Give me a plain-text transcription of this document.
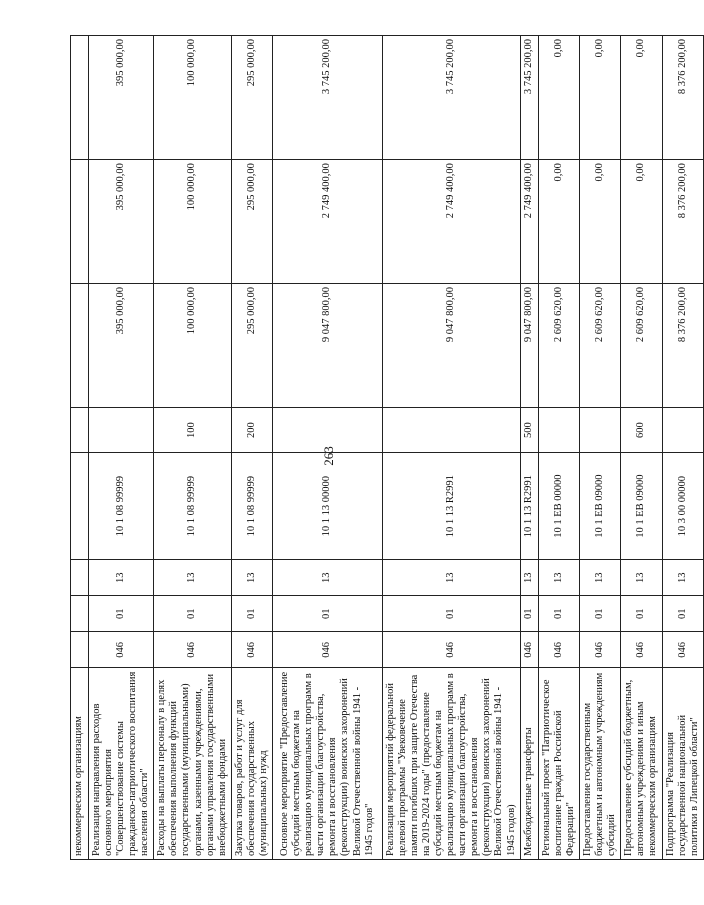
263
некоммерческим организациям								
Реализация направления расходов основного мероприятия "Совершенствование системы гражданско-патриотического воспитания населения области"	046	01	13	10 1 08 99999		395 000,00	395 000,00	395 000,00
Расходы на выплаты персоналу в целях обеспечения выполнения функций государственными (муниципальными) органами, казенными учреждениями, органами управления государственными внебюджетными фондами	046	01	13	10 1 08 99999	100	100 000,00	100 000,00	100 000,00
Закупка товаров, работ и услуг для обеспечения государственных (муниципальных) нужд	046	01	13	10 1 08 99999	200	295 000,00	295 000,00	295 000,00
Основное мероприятие "Предоставление субсидий местным бюджетам на реализацию муниципальных программ в части организации благоустройства, ремонта и восстановления (реконструкции) воинских захоронений Великой Отечественной войны 1941 - 1945 годов"	046	01	13	10 1 13 00000		9 047 800,00	2 749 400,00	3 745 200,00
Реализация мероприятий федеральной целевой программы "Увековечение памяти погибших при защите Отечества на 2019-2024 годы" (предоставление субсидий местным бюджетам на реализацию муниципальных программ в части организации благоустройства, ремонта и восстановления (реконструкции) воинских захоронений Великой Отечественной войны 1941 - 1945 годов)	046	01	13	10 1 13 R2991		9 047 800,00	2 749 400,00	3 745 200,00
Межбюджетные трансферты	046	01	13	10 1 13 R2991	500	9 047 800,00	2 749 400,00	3 745 200,00
Региональный проект "Патриотическое воспитание граждан Российской Федерации"	046	01	13	10 1 EB 00000		2 609 620,00	0,00	0,00
Предоставление государственным бюджетным и автономным учреждениям субсидий	046	01	13	10 1 EB 09000		2 609 620,00	0,00	0,00
Предоставление субсидий бюджетным, автономным учреждениям и иным некоммерческим организациям	046	01	13	10 1 EB 09000	600	2 609 620,00	0,00	0,00
Подпрограмма "Реализация государственной национальной политики в Липецкой области"	046	01	13	10 3 00 00000		8 376 200,00	8 376 200,00	8 376 200,00
